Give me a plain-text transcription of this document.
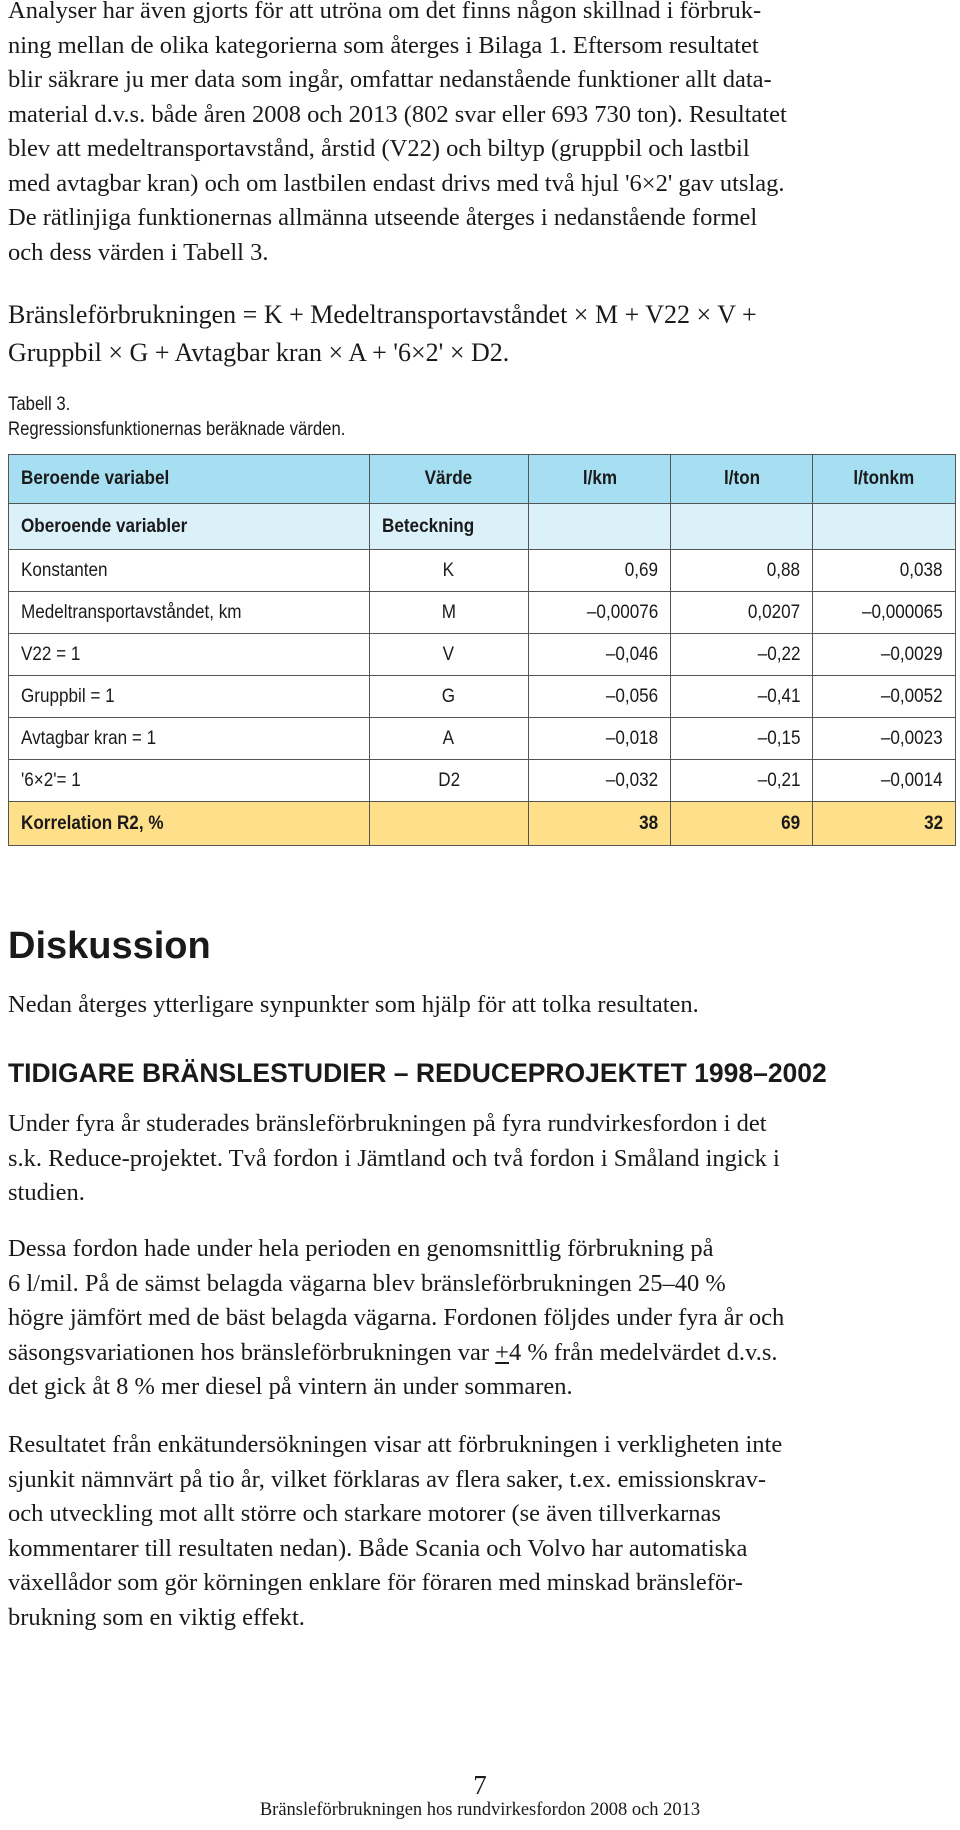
Analyser har även gjorts för att utröna om det finns någon skillnad i förbruk-
ning mellan de olika kategorierna som återges i Bilaga 1. Eftersom resultatet
blir säkrare ju mer data som ingår, omfattar nedanstående funktioner allt data-
material d.v.s. både åren 2008 och 2013 (802 svar eller 693 730 ton). Resultatet
blev att medeltransportavstånd, årstid (V22) och biltyp (gruppbil och lastbil
med avtagbar kran) och om lastbilen endast drivs med två hjul '6×2' gav utslag.
De rätlinjiga funktionernas allmänna utseende återges i nedanstående formel
och dess värden i Tabell 3.
Bränsleförbrukningen = K + Medeltransportavståndet × M + V22 × V +
Gruppbil × G + Avtagbar kran × A + '6×2' × D2.
Tabell 3.
Regressionsfunktionernas beräknade värden.
Beroende variabel	Värde	l/km	l/ton	l/tonkm
Oberoende variabler	Beteckning			
Konstanten	K	0,69	0,88	0,038
Medeltransportavståndet, km	M	–0,00076	0,0207	–0,000065
V22 = 1	V	–0,046	–0,22	–0,0029
Gruppbil = 1	G	–0,056	–0,41	–0,0052
Avtagbar kran = 1	A	–0,018	–0,15	–0,0023
'6×2'= 1	D2	–0,032	–0,21	–0,0014
Korrelation R2, %		38	69	32
Diskussion

Nedan återges ytterligare synpunkter som hjälp för att tolka resultaten.

TIDIGARE BRÄNSLESTUDIER – REDUCEPROJEKTET 1998–2002
Under fyra år studerades bränsleförbrukningen på fyra rundvirkesfordon i det
s.k. Reduce-projektet. Två fordon i Jämtland och två fordon i Småland ingick i
studien.
Dessa fordon hade under hela perioden en genomsnittlig förbrukning på
6 l/mil. På de sämst belagda vägarna blev bränsleförbrukningen 25–40 %
högre jämfört med de bäst belagda vägarna. Fordonen följdes under fyra år och
säsongsvariationen hos bränsleförbrukningen var +4 % från medelvärdet d.v.s.
det gick åt 8 % mer diesel på vintern än under sommaren.
Resultatet från enkätundersökningen visar att förbrukningen i verkligheten inte
sjunkit nämnvärt på tio år, vilket förklaras av flera saker, t.ex. emissionskrav-
och utveckling mot allt större och starkare motorer (se även tillverkarnas
kommentarer till resultaten nedan). Både Scania och Volvo har automatiska
växellådor som gör körningen enklare för föraren med minskad bränsleför-
brukning som en viktig effekt.
7
Bränsleförbrukningen hos rundvirkesfordon 2008 och 2013
